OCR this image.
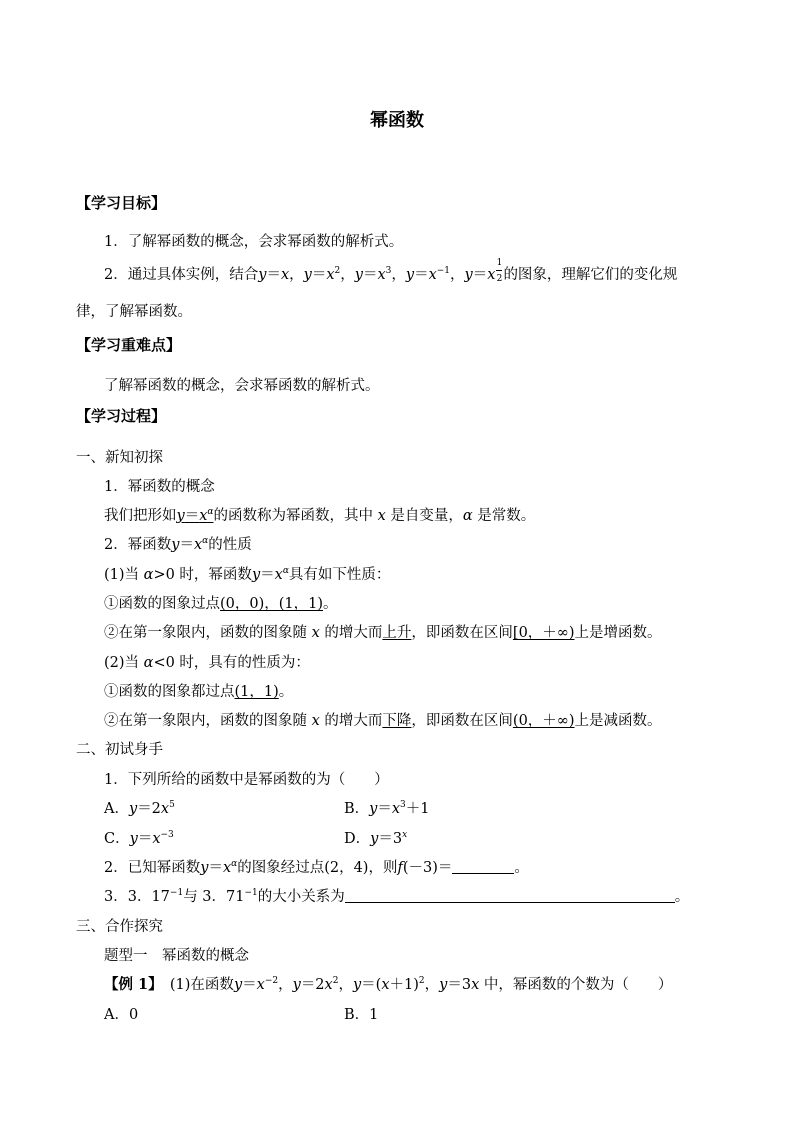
幂函数
【学习目标】
1．了解幂函数的概念，会求幂函数的解析式。
2．通过具体实例，结合y＝x，$y=x^2$，$y=x^3$，$y=x^{-1}$，$y=x \frac{1}{2}$ 的图象，理解它们的变化规
律，了解幂函数。
【学习重难点】
了解幂函数的概念，会求幂函数的解析式。
【学习过程】
一、新知初探
1．幂函数的概念
我们把形如$y=x^\alpha$的函数称为幂函数，其中 x 是自变量，α 是常数。
2．幂函数$y=x^\alpha$的性质
(1)当 α>0 时，幂函数$y=x^\alpha$具有如下性质：
①函数的图象过点(0，0)，(1，1)。
②在第一象限内，函数的图象随 x 的增大而上升，即函数在区间[0，＋∞)上是增函数。
(2)当 α<0 时，具有的性质为：
①函数的图象都过点(1，1)。
②在第一象限内，函数的图象随 x 的增大而下降，即函数在区间(0，＋∞)上是减函数。
二、初试身手
1．下列所给的函数中是幂函数的为（　　）
A．$y=2x^5$	B．$y=x^3+1$
C．$y=x^{-3}$	D．$y=3^x$
2．已知幂函数$y=x^\alpha$的图象经过点(2，4)，则f(－3)＝	。
3．3．$17^{-1}$与 3．$71^{-1}$的大小关系为	。
三、合作探究
题型一　幂函数的概念
【例 1】　 (1)在函数$y=x^{-2}$，$y=2x^2$，$y=(x+1)^2$，y＝3x 中，幂函数的个数为（　　）
A．0	B．1
